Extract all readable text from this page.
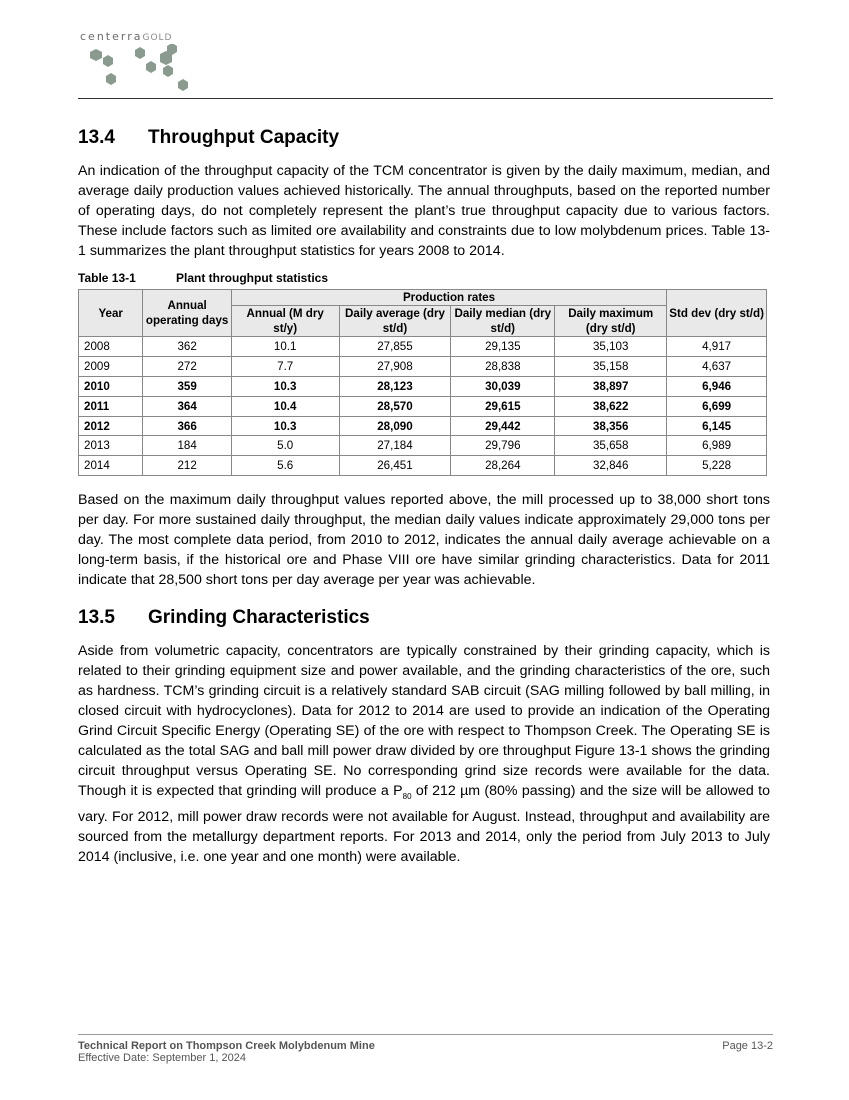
centerraGOLD
13.4 Throughput Capacity

An indication of the throughput capacity of the TCM concentrator is given by the daily maximum, median, and average daily production values achieved historically. The annual throughputs, based on the reported number of operating days, do not completely represent the plant’s true throughput capacity due to various factors. These include factors such as limited ore availability and constraints due to low molybdenum prices. Table 13-1 summarizes the plant throughput statistics for years 2008 to 2014.

Table 13-1	Plant throughput statistics
Year	Annual operating days	Production rates				Std dev (dry st/d)
		Annual (M dry st/y)	Daily average (dry st/d)	Daily median (dry st/d)	Daily maximum (dry st/d)	
2008	362	10.1	27,855	29,135	35,103	4,917
2009	272	7.7	27,908	28,838	35,158	4,637
2010	359	10.3	28,123	30,039	38,897	6,946
2011	364	10.4	28,570	29,615	38,622	6,699
2012	366	10.3	28,090	29,442	38,356	6,145
2013	184	5.0	27,184	29,796	35,658	6,989
2014	212	5.6	26,451	28,264	32,846	5,228

Based on the maximum daily throughput values reported above, the mill processed up to 38,000 short tons per day. For more sustained daily throughput, the median daily values indicate approximately 29,000 tons per day. The most complete data period, from 2010 to 2012, indicates the annual daily average achievable on a long-term basis, if the historical ore and Phase VIII ore have similar grinding characteristics. Data for 2011 indicate that 28,500 short tons per day average per year was achievable.

13.5 Grinding Characteristics

Aside from volumetric capacity, concentrators are typically constrained by their grinding capacity, which is related to their grinding equipment size and power available, and the grinding characteristics of the ore, such as hardness. TCM’s grinding circuit is a relatively standard SAB circuit (SAG milling followed by ball milling, in closed circuit with hydrocyclones). Data for 2012 to 2014 are used to provide an indication of the Operating Grind Circuit Specific Energy (Operating SE) of the ore with respect to Thompson Creek. The Operating SE is calculated as the total SAG and ball mill power draw divided by ore throughput Figure 13-1 shows the grinding circuit throughput versus Operating SE. No corresponding grind size records were available for the data. Though it is expected that grinding will produce a $P_{80}$ of 212 µm (80% passing) and the size will be allowed to vary. For 2012, mill power draw records were not available for August. Instead, throughput and availability are sourced from the metallurgy department reports. For 2013 and 2014, only the period from July 2013 to July 2014 (inclusive, i.e. one year and one month) were available.

Technical Report on Thompson Creek Molybdenum Mine
Effective Date: September 1, 2024
Page 13-2
